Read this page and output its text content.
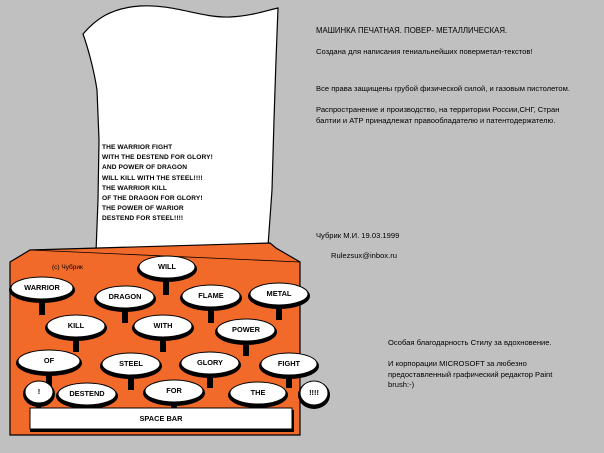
WILL
WARRIOR
DRAGON	FLAME	METAL
KILL	WITH	POWER
OF	STEEL	GLORY	FIGHT
!	DESTEND	FOR	THE	!!!!
SPACE BAR
THE WARRIOR FIGHT
WITH THE DESTEND FOR GLORY!
AND POWER OF DRAGON
WILL KILL WITH THE STEEL!!!!
THE WARRIOR KILL
OF THE DRAGON FOR GLORY!
THE POWER OF WARIOR
DESTEND FOR STEEL!!!!
(c) Чубрик
МАШИНКА ПЕЧАТНАЯ. ПОВЕР- МЕТАЛЛИЧЕСКАЯ.
Создана для написания гениальнейших поверметал-текстов!
Все права защищены грубой физической силой, и газовым пистолетом.
Распространение и производство, на территории России,СНГ, Стран балтии и АТР принадлежат правообладателю и патентодержателю.
Чубрик М.И. 19.03.1999
Rulezsux@inbox.ru
Особая благодарность Стилу за вдохновение.
И корпорации MICROSOFT за любезно предоставленный графический редактор Paint brush:-)
